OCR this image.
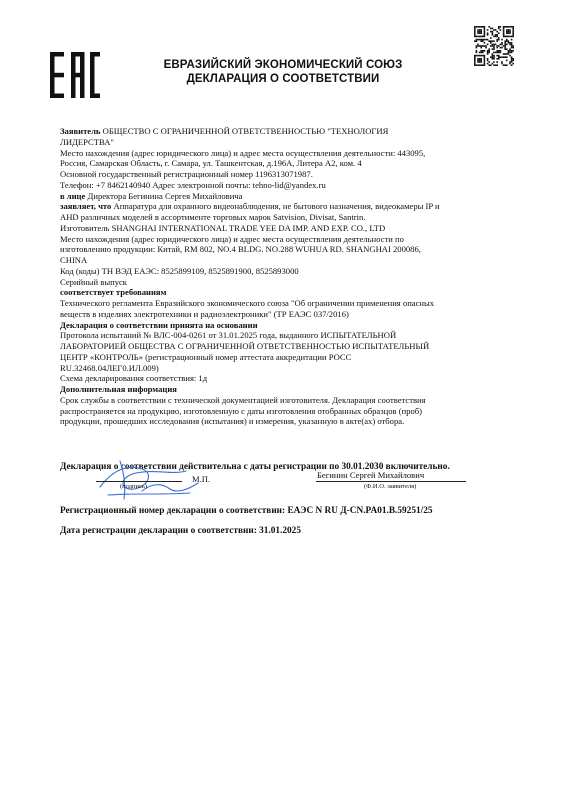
ЕВРАЗИЙСКИЙ ЭКОНОМИЧЕСКИЙ СОЮЗ
ДЕКЛАРАЦИЯ О СООТВЕТСТВИИ
Заявитель ОБЩЕСТВО С ОГРАНИЧЕННОЙ ОТВЕТСТВЕННОСТЬЮ "ТЕХНОЛОГИЯ
ЛИДЕРСТВА"
Место нахождения (адрес юридического лица) и адрес места осуществления деятельности: 443095,
Россия, Самарская Область, г. Самара, ул. Ташкентская, д.196А, Литера А2, ком. 4
Основной государственный регистрационный номер 1196313071987.
Телефон: +7 8462140940 Адрес электронной почты: tehno-lid@yandex.ru
в лице Директора Бегинина Сергея Михайловича
заявляет, что Аппаратура для охранного видеонаблюдения, не бытового назначения, видеокамеры IP и
AHD различных моделей в ассортименте торговых марок Satvision, Divisat, Santrin.
Изготовитель SHANGHAI INTERNATIONAL TRADE YEE DA IMP. AND EXP. CO., LTD
Место нахождения (адрес юридического лица) и адрес места осуществления деятельности по
изготовлению продукции: Китай, RM 802, NO.4 BLDG. NO.288 WUHUA RD. SHANGHAI 200086,
CHINA
Код (коды) ТН ВЭД ЕАЭС: 8525899109, 8525891900, 8525893000
Серийный выпуск
соответствует требованиям
Технического регламента Евразийского экономического союза "Об ограничении применения опасных
веществ в изделиях электротехники и радиоэлектроники" (ТР ЕАЭС 037/2016)
Декларация о соответствии принята на основании
Протокола испытаний № ВЛС-004-0261 от 31.01.2025 года, выданного ИСПЫТАТЕЛЬНОЙ
ЛАБОРАТОРИЕЙ ОБЩЕСТВА С ОГРАНИЧЕННОЙ ОТВЕТСТВЕННОСТЬЮ ИСПЫТАТЕЛЬНЫЙ
ЦЕНТР «КОНТРОЛЬ» (регистрационный номер аттестата аккредитации РОСС
RU.32468.04ЛЕГ0.ИЛ.009)
Схема декларирования соответствия: 1д
Дополнительная информация
Срок службы в соответствии с технической документацией изготовителя. Декларация соответствия
распространяется на продукцию, изготовленную с даты изготовления отобранных образцов (проб)
продукции, прошедших исследования (испытания) и измерения, указанную в акте(ах) отбора.
Декларация о соответствии действительна с даты регистрации по 30.01.2030 включительно.
(подпись)
М.П.	Бегинин Сергей Михайлович
(Ф.И.О. заявителя)
Регистрационный номер декларации о соответствии: ЕАЭС N RU Д-CN.PA01.B.59251/25
Дата регистрации декларации о соответствии: 31.01.2025
